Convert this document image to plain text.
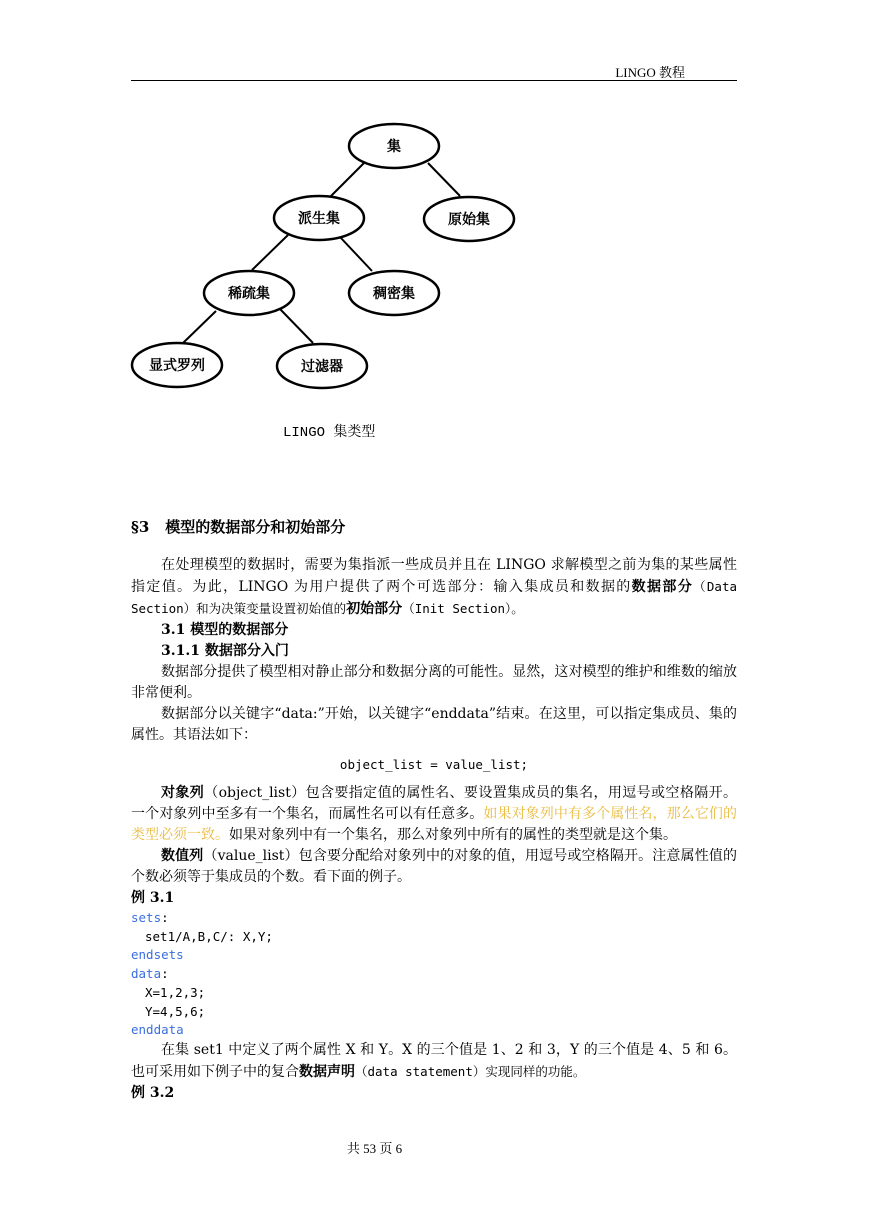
LINGO 教程
集
派生集	原始集
稀疏集	稠密集
显式罗列	过滤器
LINGO 集类型
§3 模型的数据部分和初始部分

在处理模型的数据时，需要为集指派一些成员并且在 LINGO 求解模型之前为集的某些属性指定值。为此，LINGO 为用户提供了两个可选部分：输入集成员和数据的数据部分（Data Section）和为决策变量设置初始值的初始部分（Init Section）。

3.1 模型的数据部分

3.1.1 数据部分入门

数据部分提供了模型相对静止部分和数据分离的可能性。显然，这对模型的维护和维数的缩放非常便利。

数据部分以关键字“data:”开始，以关键字“enddata”结束。在这里，可以指定集成员、集的属性。其语法如下：

object_list = value_list;

对象列（object_list）包含要指定值的属性名、要设置集成员的集名，用逗号或空格隔开。一个对象列中至多有一个集名，而属性名可以有任意多。如果对象列中有多个属性名，那么它们的类型必须一致。如果对象列中有一个集名，那么对象列中所有的属性的类型就是这个集。

数值列（value_list）包含要分配给对象列中的对象的值，用逗号或空格隔开。注意属性值的个数必须等于集成员的个数。看下面的例子。

例 3.1

sets:

set1/A,B,C/: X,Y;

endsets

data:

X=1,2,3;

Y=4,5,6;

enddata

在集 set1 中定义了两个属性 X 和 Y。X 的三个值是 1、2 和 3，Y 的三个值是 4、5 和 6。也可采用如下例子中的复合数据声明（data statement）实现同样的功能。

例 3.2

共 53 页 6
